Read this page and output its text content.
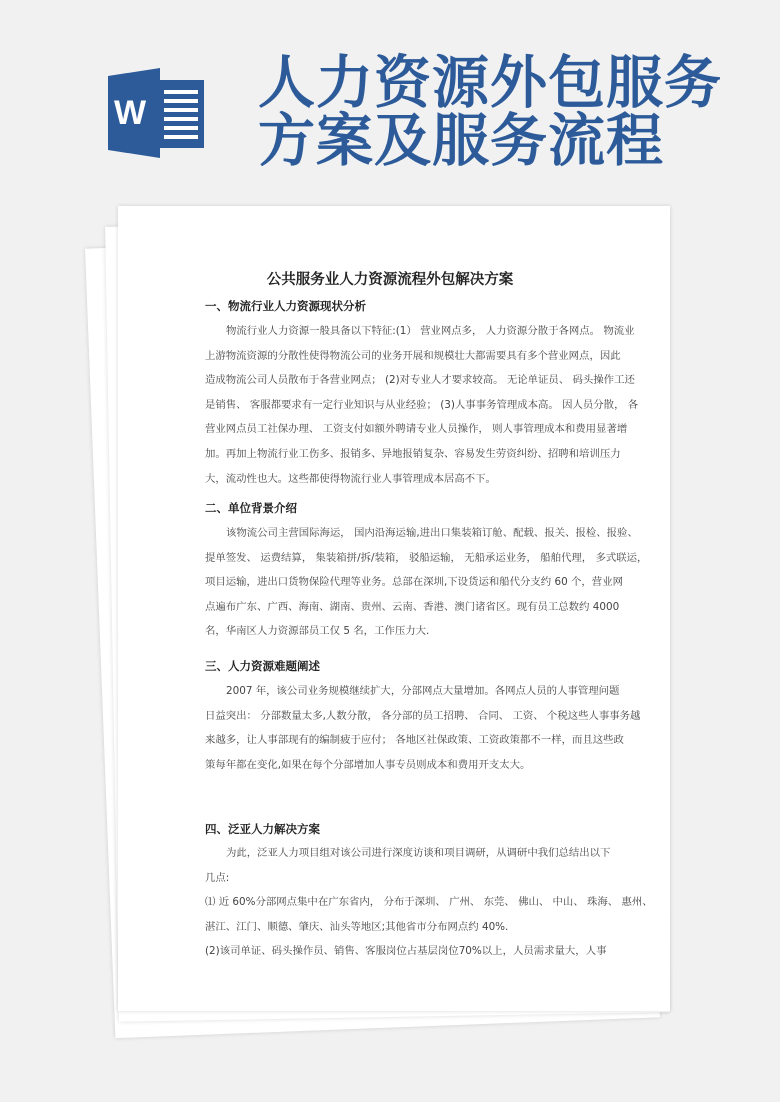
W 人力资源外包服务
方案及服务流程
公共服务业人力资源流程外包解决方案
一、物流行业人力资源现状分析
物流行业人力资源一般具备以下特征:(1） 营业网点多， 人力资源分散于各网点。 物流业
上游物流资源的分散性使得物流公司的业务开展和规模壮大都需要具有多个营业网点，因此
造成物流公司人员散布于各营业网点； (2)对专业人才要求较高。 无论单证员、 码头操作工还
是销售、 客服都要求有一定行业知识与从业经验； (3)人事事务管理成本高。 因人员分散， 各
营业网点员工社保办理、 工资支付如额外聘请专业人员操作， 则人事管理成本和费用显著增
加。再加上物流行业工伤多、报销多、异地报销复杂、容易发生劳资纠纷、招聘和培训压力
大，流动性也大。这些都使得物流行业人事管理成本居高不下。
二、单位背景介绍
该物流公司主营国际海运， 国内沿海运输,进出口集装箱订舱、配载、报关、报检、报验、
提单签发、 运费结算， 集装箱拼/拆/装箱， 驳船运输， 无船承运业务， 船舶代理， 多式联运，
项目运输，进出口货物保险代理等业务。总部在深圳,下设货运和船代分支约 60 个，营业网
点遍布广东、广西、海南、湖南、贵州、云南、香港、澳门诸省区。现有员工总数约 4000
名，华南区人力资源部员工仅 5 名，工作压力大.
三、人力资源难题阐述
2007 年，该公司业务规模继续扩大，分部网点大量增加。各网点人员的人事管理问题
日益突出： 分部数量太多,人数分散， 各分部的员工招聘、 合同、 工资、 个税这些人事事务越
来越多，让人事部现有的编制疲于应付； 各地区社保政策、工资政策都不一样，而且这些政
策每年都在变化,如果在每个分部增加人事专员则成本和费用开支太大。
四、泛亚人力解决方案
为此，泛亚人力项目组对该公司进行深度访谈和项目调研，从调研中我们总结出以下
几点:
⑴ 近 60%分部网点集中在广东省内， 分布于深圳、 广州、 东莞、 佛山、 中山、 珠海、 惠州、
湛江、江门、顺德、肇庆、汕头等地区;其他省市分布网点约 40%.
(2)该司单证、码头操作员、销售、客服岗位占基层岗位70%以上，人员需求量大，人事
